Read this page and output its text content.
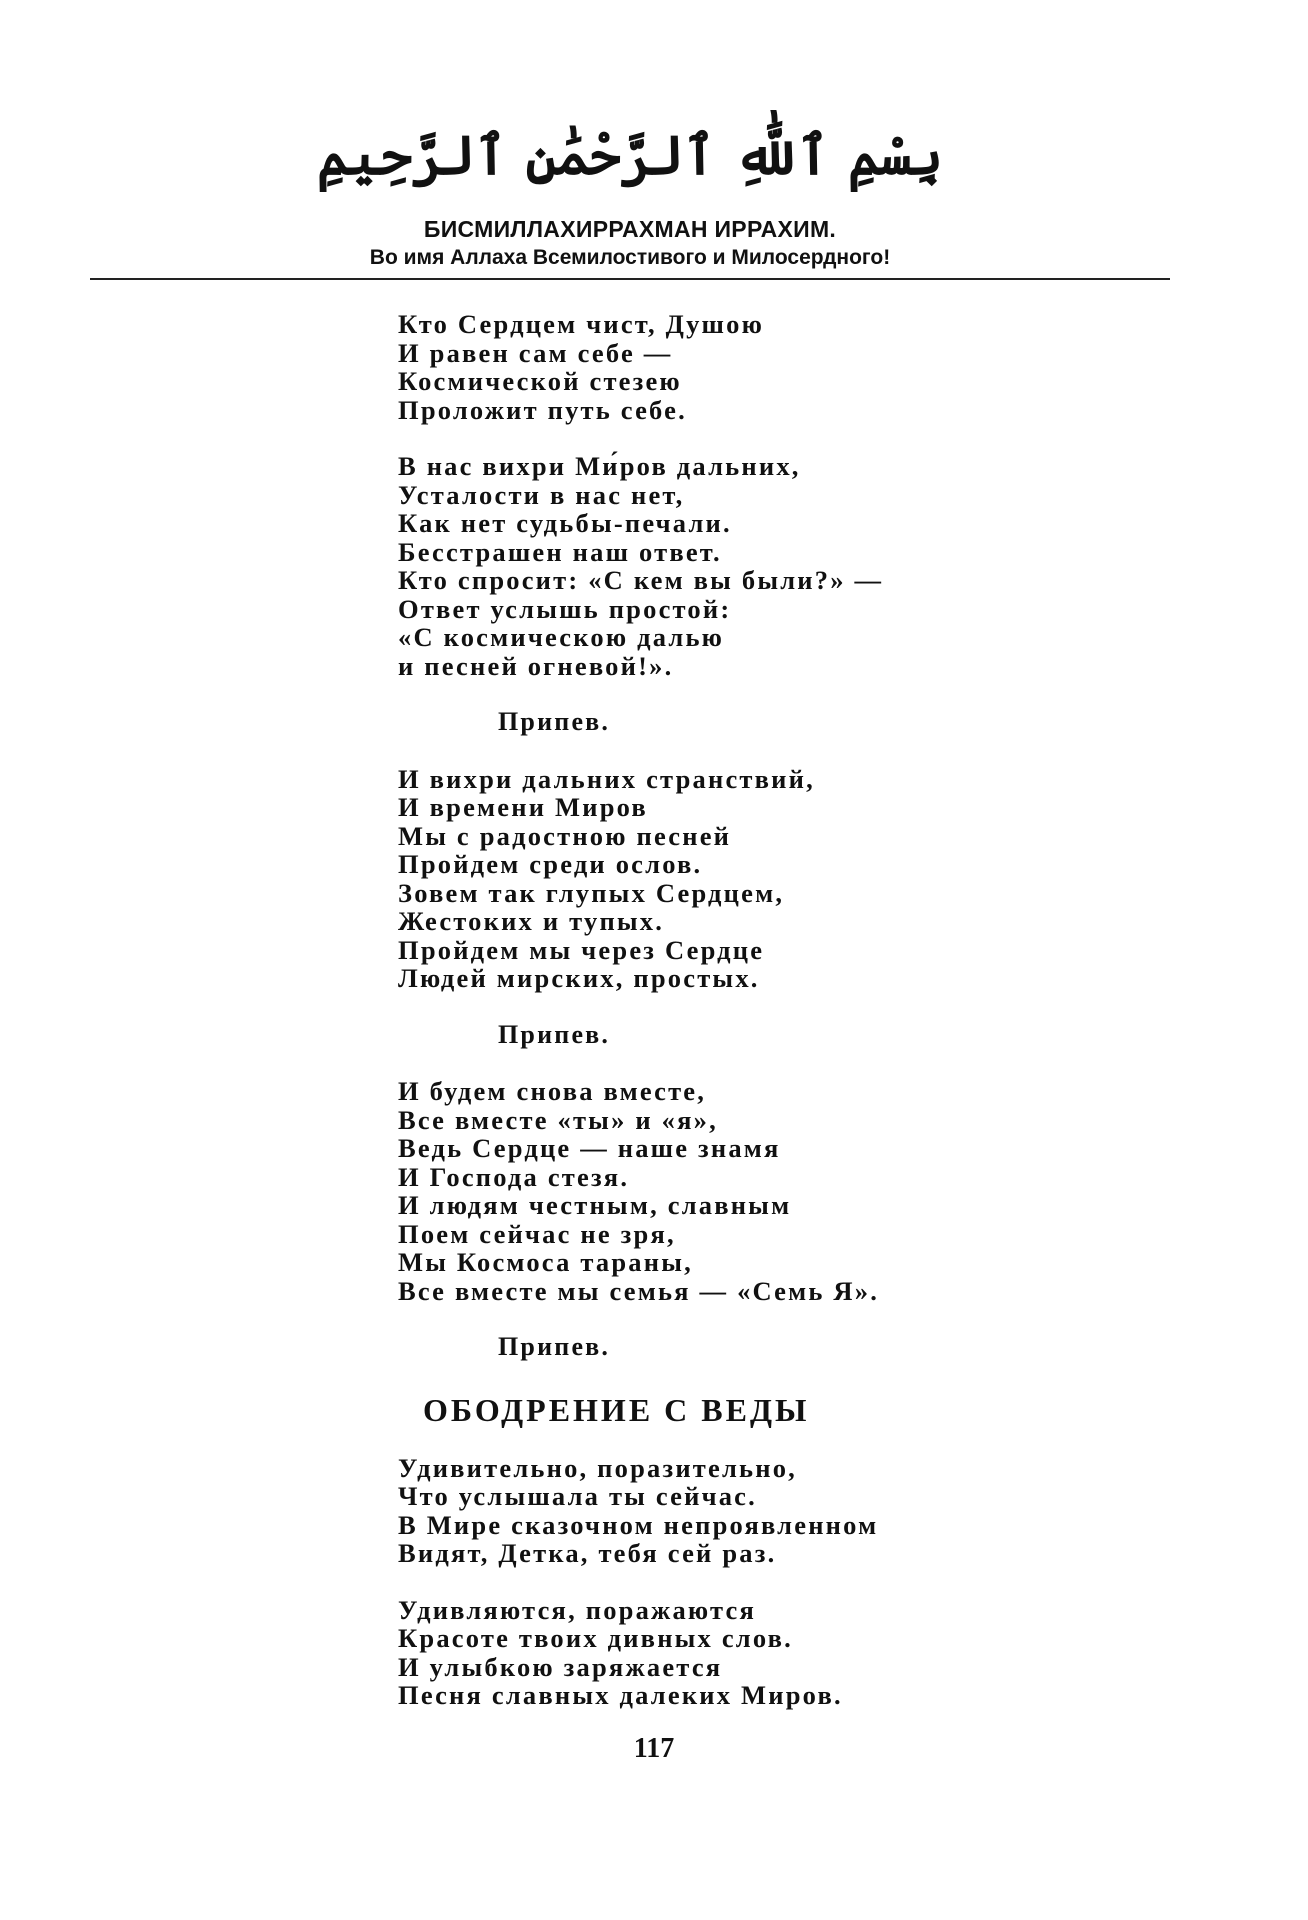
بِسْمِ ٱللَّٰهِ ٱلرَّحْمَٰنِ ٱلرَّحِيمِ
БИСМИЛЛАХИРРАХМАН ИРРАХИМ.
Во имя Аллаха Всемилостивого и Милосердного!
Кто Сердцем чист, Душою
И равен сам себе —
Космической стезею
Проложит путь себе.
В нас вихри Ми́ров дальних,
Усталости в нас нет,
Как нет судьбы-печали.
Бесстрашен наш ответ.
Кто спросит: «С кем вы были?» —
Ответ услышь простой:
«С космическою далью
и песней огневой!».
Припев.
И вихри дальних странствий,
И времени Миров
Мы с радостною песней
Пройдем среди ослов.
Зовем так глупых Сердцем,
Жестоких и тупых.
Пройдем мы через Сердце
Людей мирских, простых.
Припев.
И будем снова вместе,
Все вместе «ты» и «я»,
Ведь Сердце — наше знамя
И Господа стезя.
И людям честным, славным
Поем сейчас не зря,
Мы Космоса тараны,
Все вместе мы семья — «Семь Я».
Припев.
ОБОДРЕНИЕ С ВЕДЫ
Удивительно, поразительно,
Что услышала ты сейчас.
В Мире сказочном непроявленном
Видят, Детка, тебя сей раз.
Удивляются, поражаются
Красоте твоих дивных слов.
И улыбкою заряжается
Песня славных далеких Миров.
117
